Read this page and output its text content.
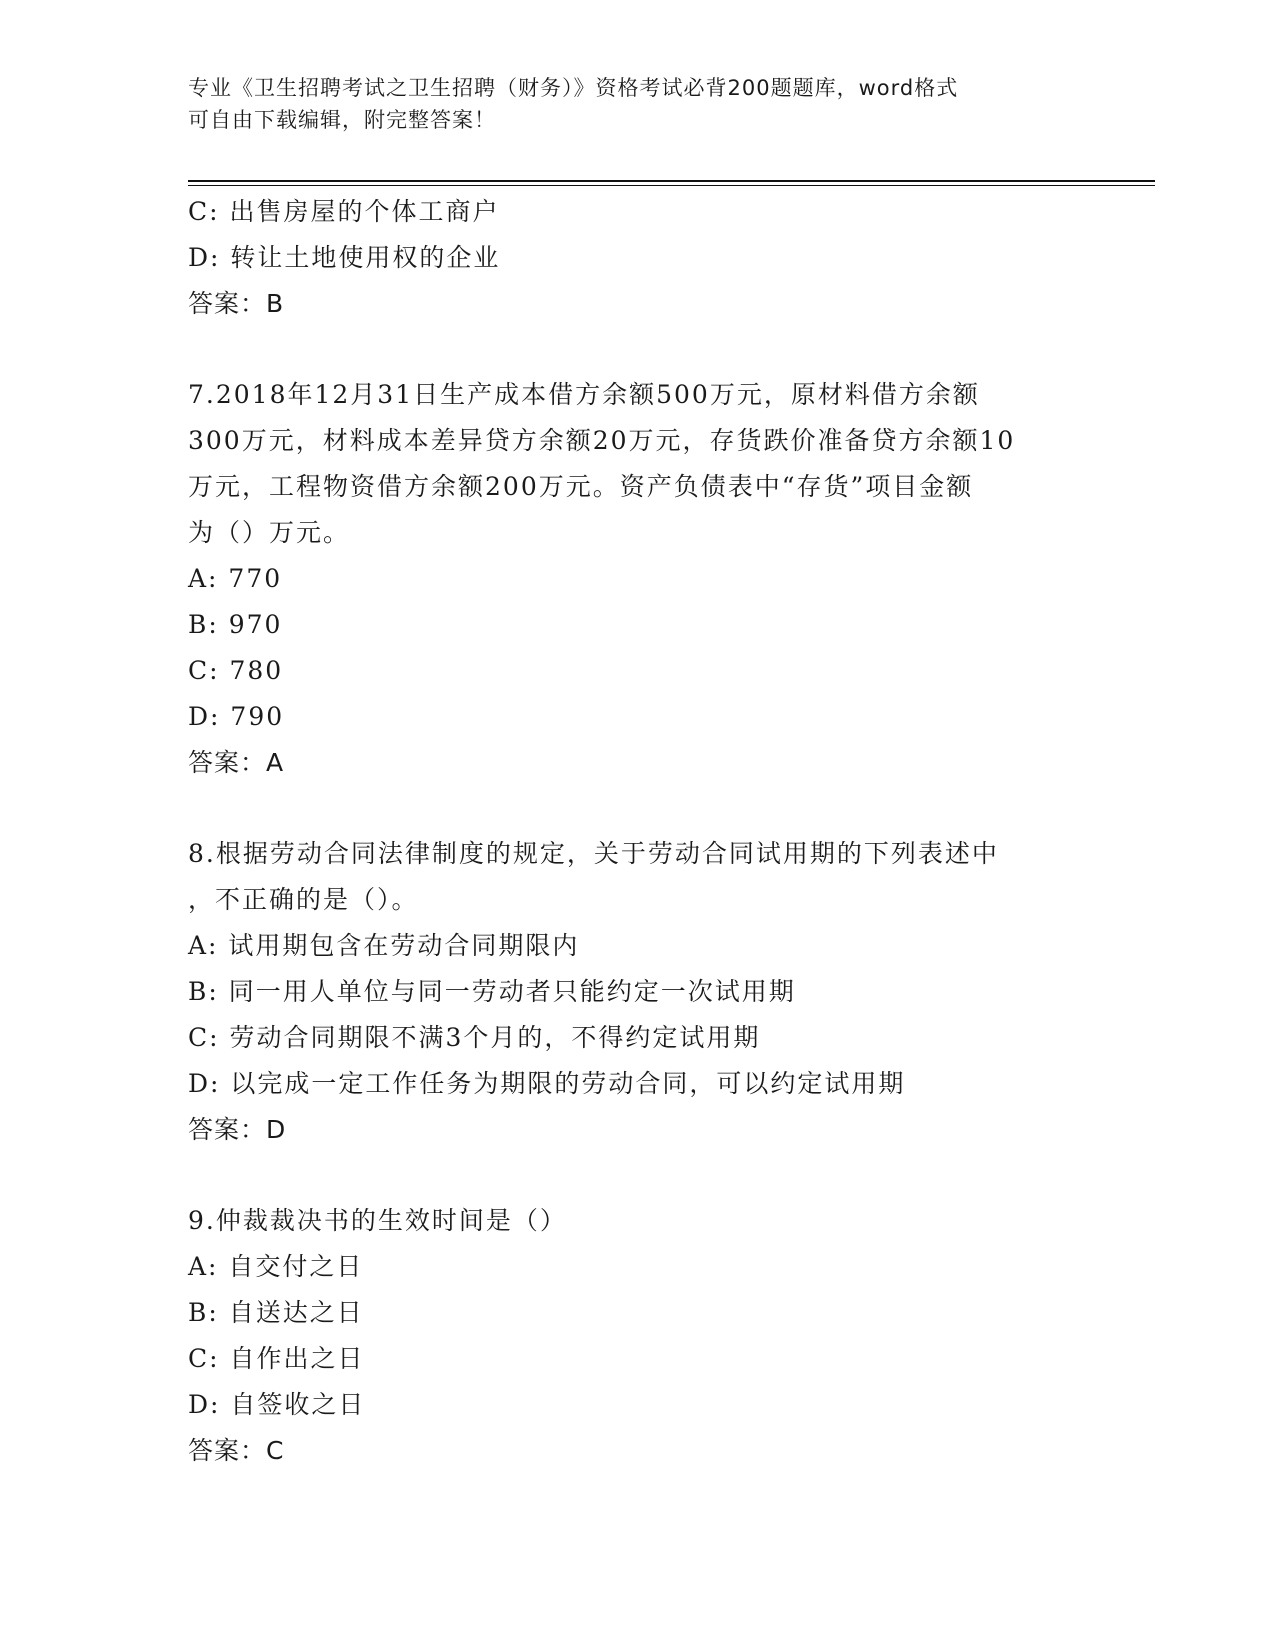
专业《卫生招聘考试之卫生招聘（财务）》资格考试必背200题题库，word格式
可自由下载编辑，附完整答案！
C: 出售房屋的个体工商户
D: 转让土地使用权的企业
答案：B
7.2018年12月31日生产成本借方余额500万元，原材料借方余额
300万元，材料成本差异贷方余额20万元，存货跌价准备贷方余额10
万元，工程物资借方余额200万元。资产负债表中“存货”项目金额
为（）万元。
A: 770
B: 970
C: 780
D: 790
答案：A
8.根据劳动合同法律制度的规定，关于劳动合同试用期的下列表述中
，不正确的是（）。
A: 试用期包含在劳动合同期限内
B: 同一用人单位与同一劳动者只能约定一次试用期
C: 劳动合同期限不满3个月的，不得约定试用期
D: 以完成一定工作任务为期限的劳动合同，可以约定试用期
答案：D
9.仲裁裁决书的生效时间是（）
A: 自交付之日
B: 自送达之日
C: 自作出之日
D: 自签收之日
答案：C
